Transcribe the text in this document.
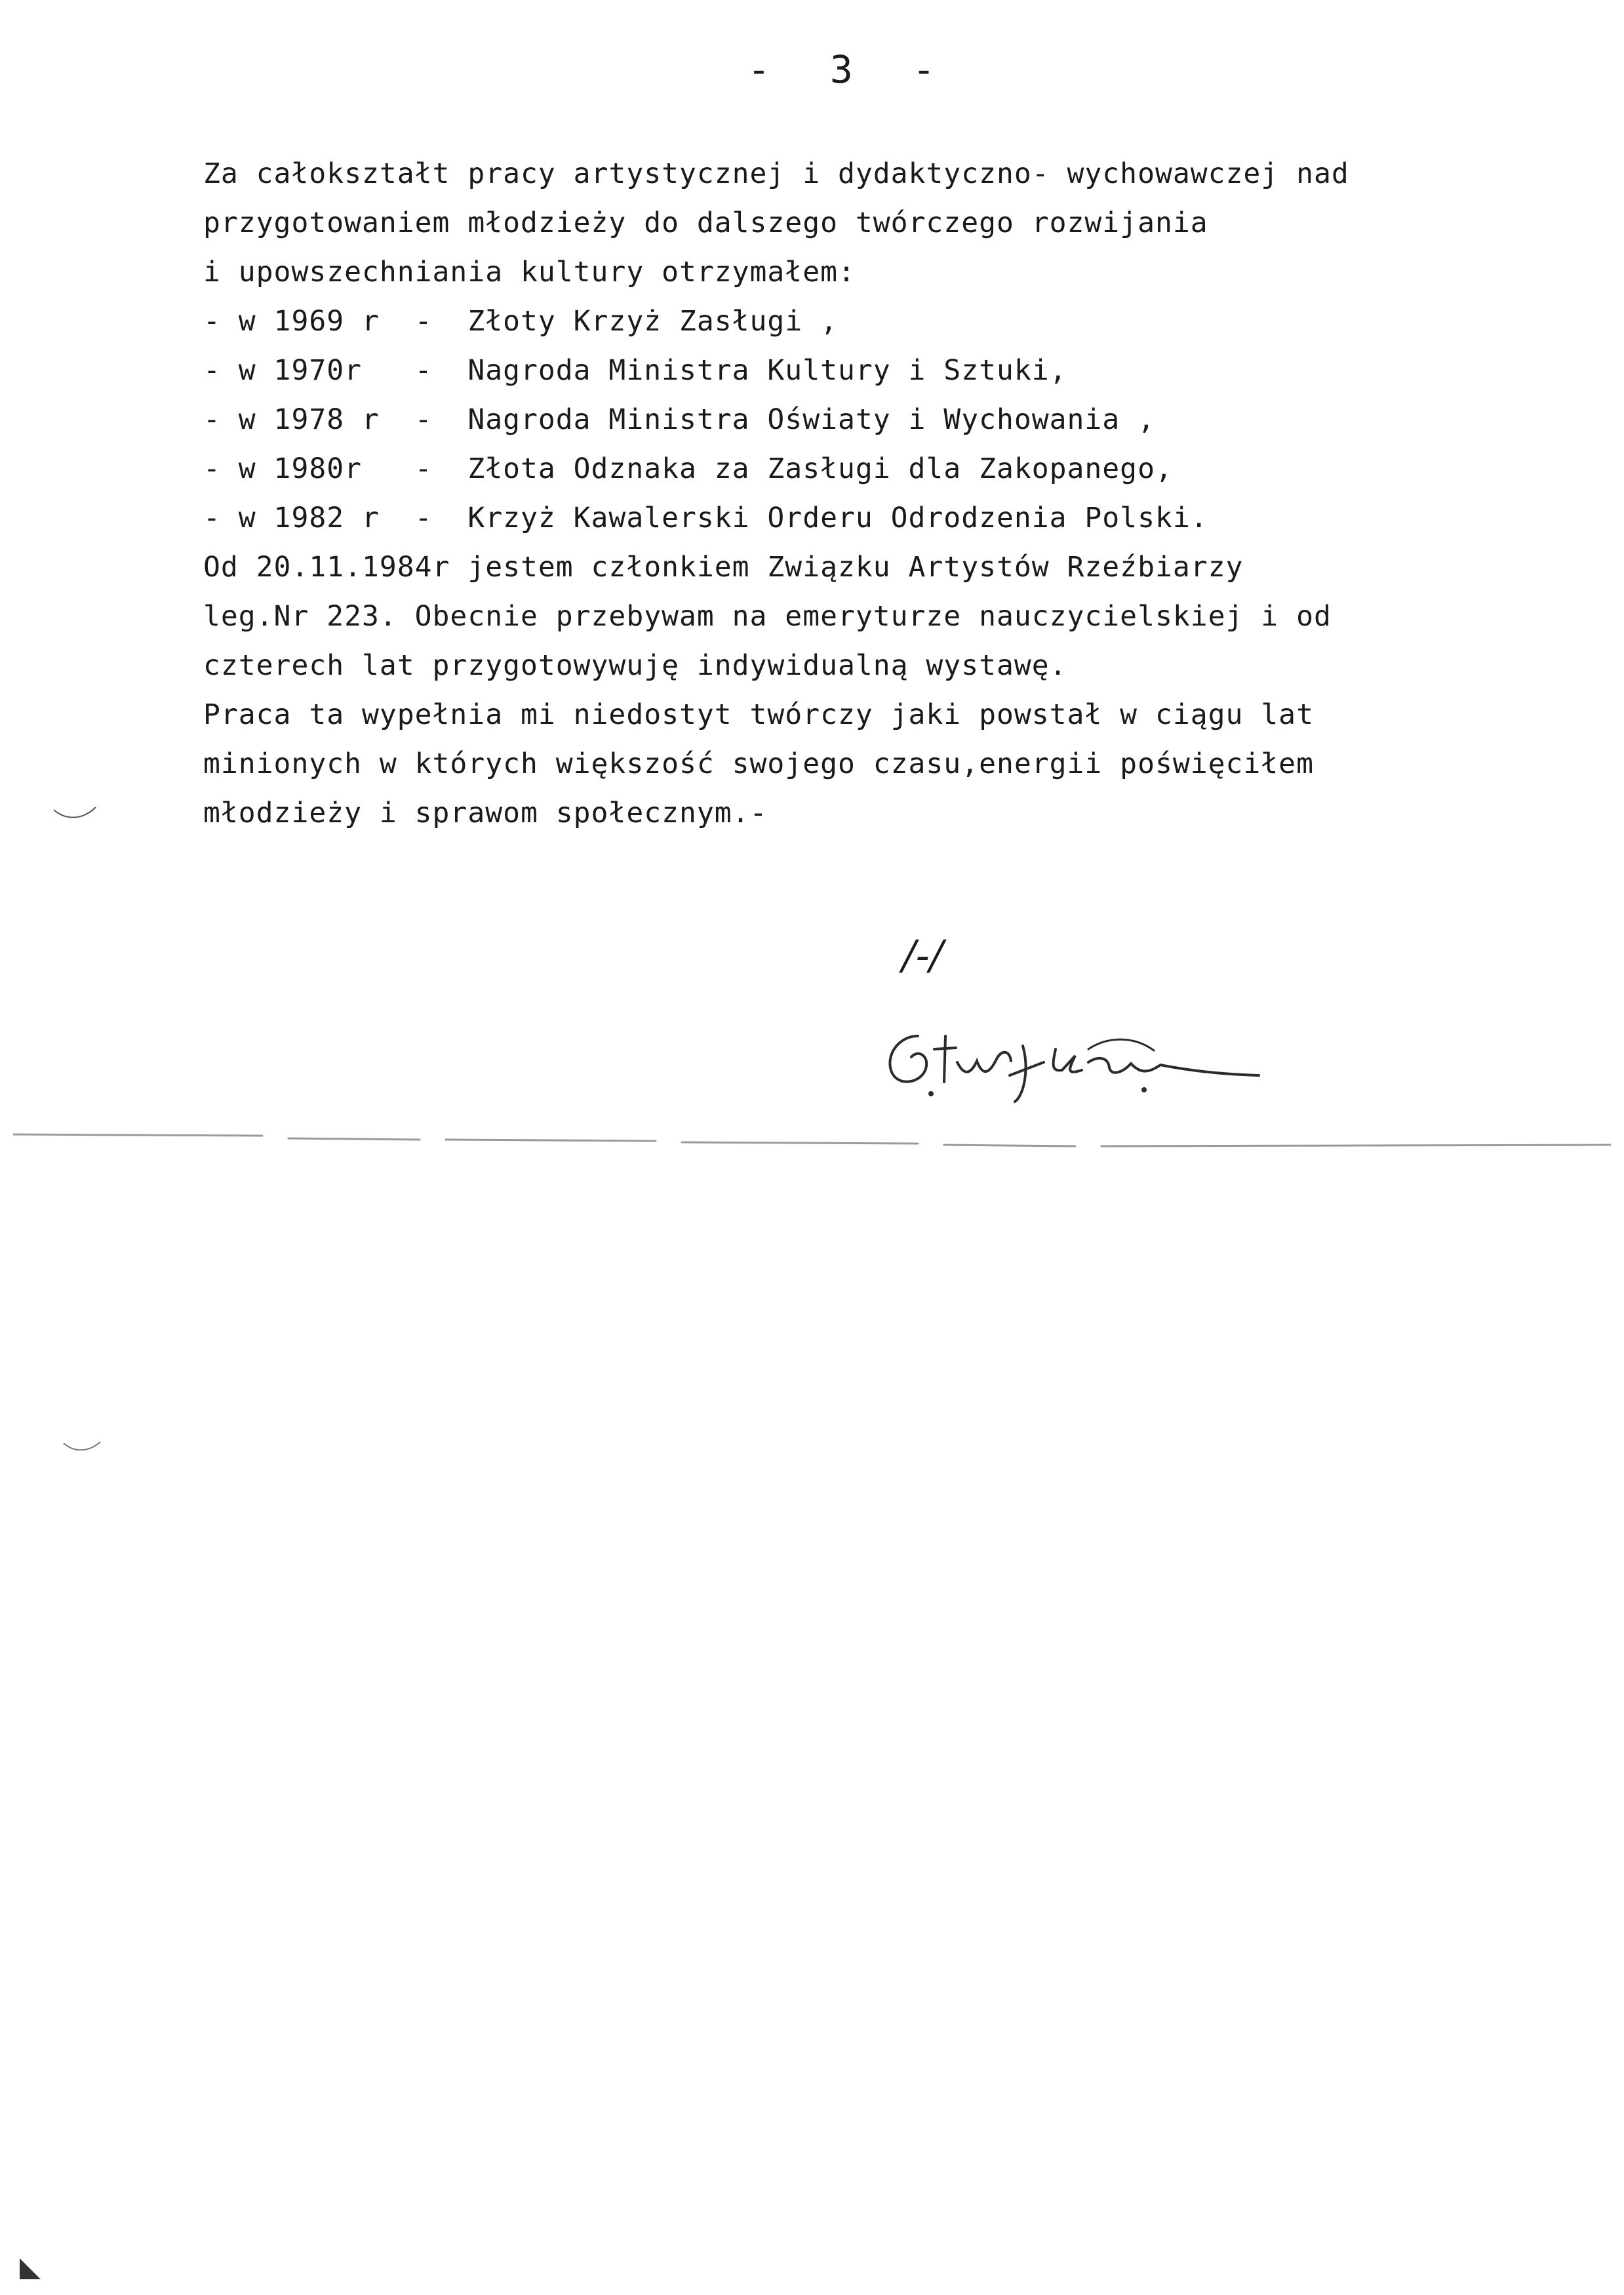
- 3 -
Za całokształt pracy artystycznej i dydaktyczno- wychowawczej nad
przygotowaniem młodzieży do dalszego twórczego rozwijania
i upowszechniania kultury otrzymałem:
- w 1969 r  -  Złoty Krzyż Zasługi ,
- w 1970r   -  Nagroda Ministra Kultury i Sztuki,
- w 1978 r  -  Nagroda Ministra Oświaty i Wychowania ,
- w 1980r   -  Złota Odznaka za Zasługi dla Zakopanego,
- w 1982 r  -  Krzyż Kawalerski Orderu Odrodzenia Polski.
Od 20.11.1984r jestem członkiem Związku Artystów Rzeźbiarzy
leg.Nr 223. Obecnie przebywam na emeryturze nauczycielskiej i od
czterech lat przygotowywuję indywidualną wystawę.
Praca ta wypełnia mi niedostyt twórczy jaki powstał w ciągu lat
minionych w których większość swojego czasu,energii poświęciłem
młodzieży i sprawom społecznym.-
/-/
